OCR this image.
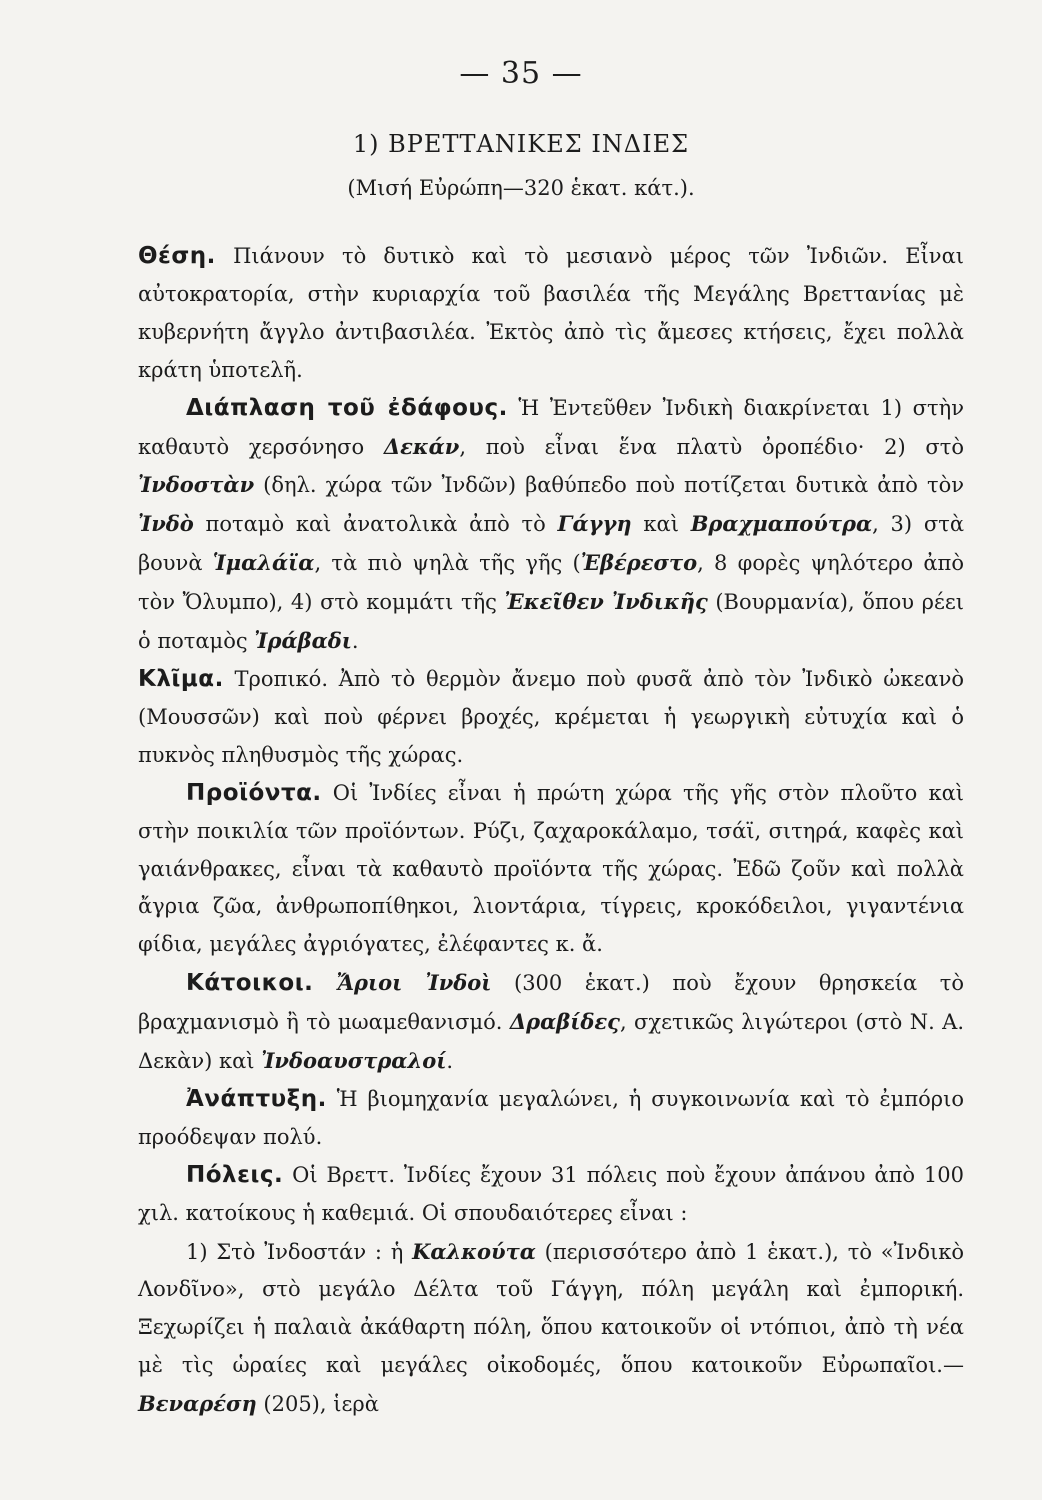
— 35 —
1) ΒΡΕΤΤΑΝΙΚΕΣ ΙΝΔΙΕΣ
(Μισή Εὐρώπη—320 ἑκατ. κάτ.).

Θέση. Πιάνουν τὸ δυτικὸ καὶ τὸ μεσιανὸ μέρος τῶν Ἰνδιῶν. Εἶναι αὐτοκρατορία, στὴν κυριαρχία τοῦ βασιλέα τῆς Μεγάλης Βρεττανίας μὲ κυβερνήτη ἄγγλο ἀντιβασιλέα. Ἐκτὸς ἀπὸ τὶς ἄμεσες κτήσεις, ἔχει πολλὰ κράτη ὑποτελῆ.

Διάπλαση τοῦ ἐδάφους. Ἡ Ἐντεῦθεν Ἰνδικὴ διακρίνεται 1) στὴν καθαυτὸ χερσόνησο Δεκάν, ποὺ εἶναι ἕνα πλατὺ ὀροπέδιο· 2) στὸ Ἰνδοστὰν (δηλ. χώρα τῶν Ἰνδῶν) βαθύπεδο ποὺ ποτίζεται δυτικὰ ἀπὸ τὸν Ἰνδὸ ποταμὸ καὶ ἀνατολικὰ ἀπὸ τὸ Γάγγη καὶ Βραχμαπούτρα, 3) στὰ βουνὰ Ἱμαλάϊα, τὰ πιὸ ψηλὰ τῆς γῆς (Ἐβέρεστο, 8 φορὲς ψηλότερο ἀπὸ τὸν Ὄλυμπο), 4) στὸ κομμάτι τῆς Ἐκεῖθεν Ἰνδικῆς (Βουρμανία), ὅπου ρέει ὁ ποταμὸς Ἰράβαδι.

Κλῖμα. Τροπικό. Ἀπὸ τὸ θερμὸν ἄνεμο ποὺ φυσᾶ ἀπὸ τὸν Ἰνδικὸ ὠκεανὸ (Μουσσῶν) καὶ ποὺ φέρνει βροχές, κρέμεται ἡ γεωργικὴ εὐτυχία καὶ ὁ πυκνὸς πληθυσμὸς τῆς χώρας.

Προϊόντα. Οἱ Ἰνδίες εἶναι ἡ πρώτη χώρα τῆς γῆς στὸν πλοῦτο καὶ στὴν ποικιλία τῶν προϊόντων. Ρύζι, ζαχαροκάλαμο, τσάϊ, σιτηρά, καφὲς καὶ γαιάνθρακες, εἶναι τὰ καθαυτὸ προϊόντα τῆς χώρας. Ἐδῶ ζοῦν καὶ πολλὰ ἄγρια ζῶα, ἀνθρωποπίθηκοι, λιοντάρια, τίγρεις, κροκόδειλοι, γιγαντένια φίδια, μεγάλες ἀγριόγατες, ἐλέφαντες κ. ἄ.

Κάτοικοι. Ἄριοι Ἰνδοὶ (300 ἑκατ.) ποὺ ἔχουν θρησκεία τὸ βραχμανισμὸ ἢ τὸ μωαμεθανισμό. Δραβίδες, σχετικῶς λιγώτεροι (στὸ Ν. Α. Δεκὰν) καὶ Ἰνδοαυστραλοί.

Ἀνάπτυξη. Ἡ βιομηχανία μεγαλώνει, ἡ συγκοινωνία καὶ τὸ ἐμπόριο προόδεψαν πολύ.

Πόλεις. Οἱ Βρεττ. Ἰνδίες ἔχουν 31 πόλεις ποὺ ἔχουν ἀπάνου ἀπὸ 100 χιλ. κατοίκους ἡ καθεμιά. Οἱ σπουδαιότερες εἶναι :

1) Στὸ Ἰνδοστάν : ἡ Καλκούτα (περισσότερο ἀπὸ 1 ἑκατ.), τὸ «Ἰνδικὸ Λονδῖνο», στὸ μεγάλο Δέλτα τοῦ Γάγγη, πόλη μεγάλη καὶ ἐμπορική. Ξεχωρίζει ἡ παλαιὰ ἀκάθαρτη πόλη, ὅπου κατοικοῦν οἱ ντόπιοι, ἀπὸ τὴ νέα μὲ τὶς ὡραίες καὶ μεγάλες οἰκοδομές, ὅπου κατοικοῦν Εὐρωπαῖοι.—Βεναρέση (205), ἱερὰ
